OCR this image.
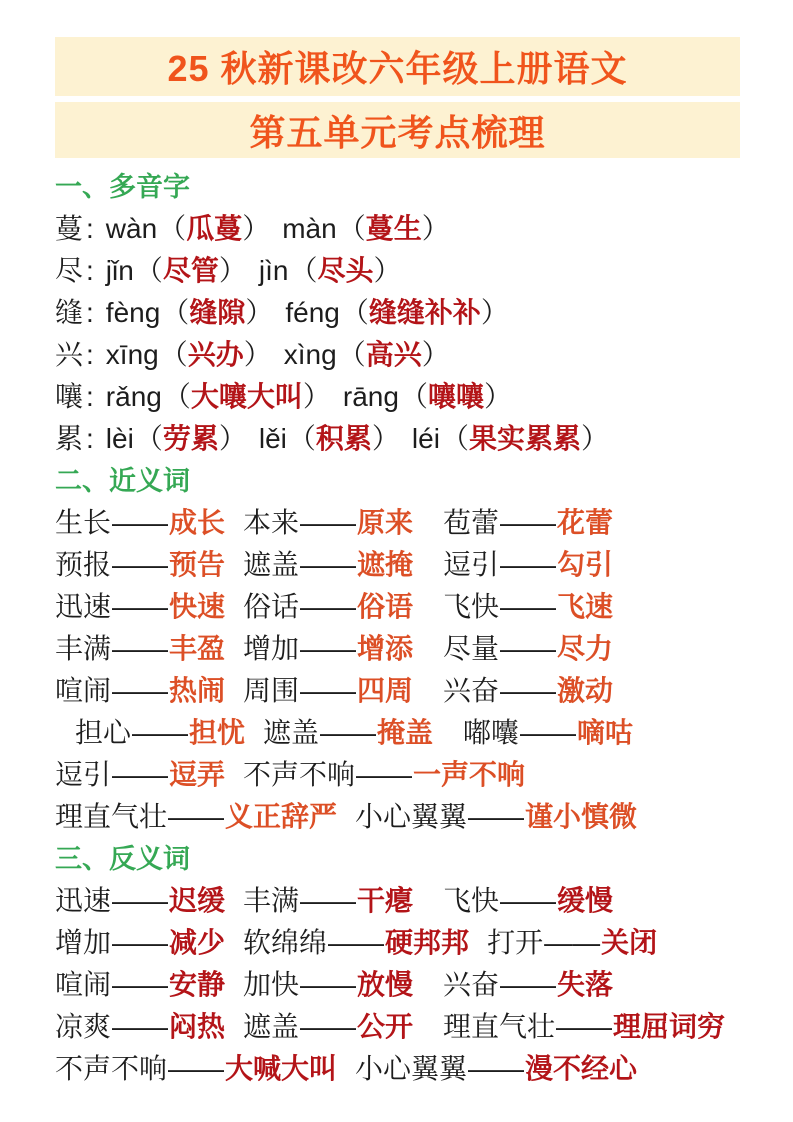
25 秋新课改六年级上册语文
第五单元考点梳理
一、多音字
蔓 : wàn （ 瓜蔓 ） màn （ 蔓生 ）
尽 : jǐn （ 尽管 ） jìn （ 尽头 ）
缝 : fèng （ 缝隙 ） féng （ 缝缝补补 ）
兴 : xīng （ 兴办 ） xìng （ 高兴 ）
嚷 : rǎng （ 大嚷大叫 ） rāng （ 嚷嚷 ）
累 : lèi （ 劳累 ） lěi （ 积累 ） léi （ 果实累累 ）
二、近义词
生长 —— 成长 本来 —— 原来 苞蕾 —— 花蕾
预报 —— 预告 遮盖 —— 遮掩 逗引 —— 勾引
迅速 —— 快速 俗话 —— 俗语 飞快 —— 飞速
丰满 —— 丰盈 增加 —— 增添 尽量 —— 尽力
喧闹 —— 热闹 周围 —— 四周 兴奋 —— 激动
担心 —— 担忧 遮盖 —— 掩盖 嘟囔 —— 嘀咕
逗引 —— 逗弄 不声不响 —— 一声不响
理直气壮 —— 义正辞严 小心翼翼 —— 谨小慎微
三、反义词
迅速 —— 迟缓 丰满 —— 干瘪 飞快 —— 缓慢
增加 —— 减少 软绵绵 —— 硬邦邦 打开 —— 关闭
喧闹 —— 安静 加快 —— 放慢 兴奋 —— 失落
凉爽 —— 闷热 遮盖 —— 公开 理直气壮 —— 理屈词穷
不声不响 —— 大喊大叫 小心翼翼 —— 漫不经心
